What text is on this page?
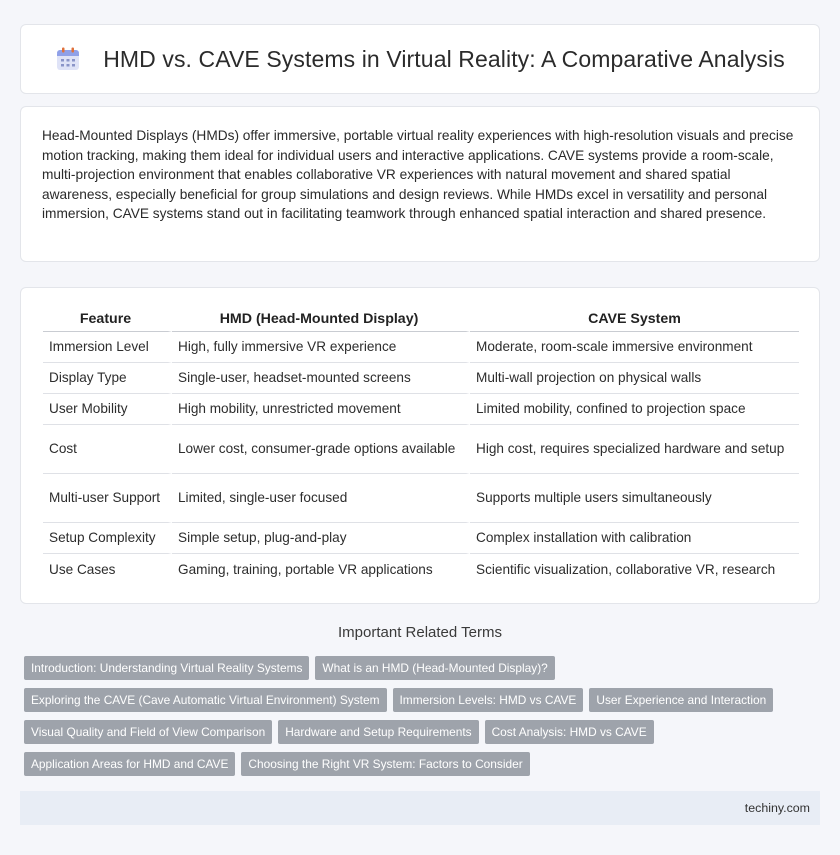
HMD vs. CAVE Systems in Virtual Reality: A Comparative Analysis

Head-Mounted Displays (HMDs) offer immersive, portable virtual reality experiences with high-resolution visuals and precise motion tracking, making them ideal for individual users and interactive applications. CAVE systems provide a room-scale, multi-projection environment that enables collaborative VR experiences with natural movement and shared spatial awareness, especially beneficial for group simulations and design reviews. While HMDs excel in versatility and personal immersion, CAVE systems stand out in facilitating teamwork through enhanced spatial interaction and shared presence.

Feature	HMD (Head-Mounted Display)	CAVE System
Immersion Level	High, fully immersive VR experience	Moderate, room-scale immersive environment
Display Type	Single-user, headset-mounted screens	Multi-wall projection on physical walls
User Mobility	High mobility, unrestricted movement	Limited mobility, confined to projection space
Cost	Lower cost, consumer-grade options available	High cost, requires specialized hardware and setup
Multi-user Support	Limited, single-user focused	Supports multiple users simultaneously
Setup Complexity	Simple setup, plug-and-play	Complex installation with calibration
Use Cases	Gaming, training, portable VR applications	Scientific visualization, collaborative VR, research
Important Related Terms
Introduction: Understanding Virtual Reality Systems	What is an HMD (Head-Mounted Display)?
Exploring the CAVE (Cave Automatic Virtual Environment) System	Immersion Levels: HMD vs CAVE	User Experience and Interaction
Visual Quality and Field of View Comparison	Hardware and Setup Requirements	Cost Analysis: HMD vs CAVE
Application Areas for HMD and CAVE	Choosing the Right VR System: Factors to Consider
techiny.com
